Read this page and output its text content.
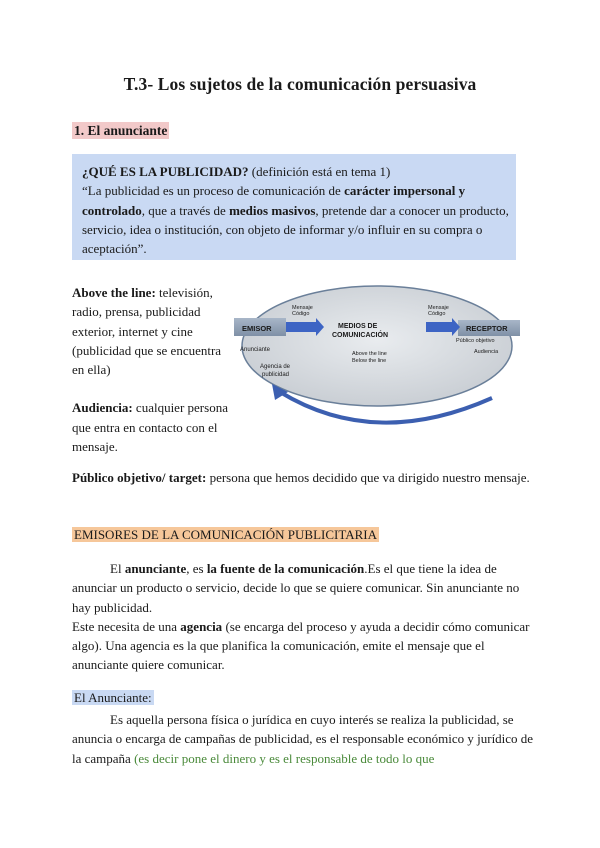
T.3- Los sujetos de la comunicación persuasiva
1. El anunciante

¿QUÉ ES LA PUBLICIDAD? (definición está en tema 1)

“La publicidad es un proceso de comunicación de carácter impersonal y controlado, que a través de medios masivos, pretende dar a conocer un producto, servicio, idea o institución, con objeto de informar y/o influir en su compra o aceptación”.

Above the line: televisión, radio, prensa, publicidad exterior, internet y cine (publicidad que se encuentra en ella)

Audiencia: cualquier persona que entra en contacto con el mensaje.

EMISOR	RECEPTOR
MEDIOS DE
COMUNICACIÓN
Mensaje
Código
Mensaje
Código
Anunciante
Agencia de
publicidad
Above the line
Below the line
Público objetivo
Audiencia

Público objetivo/ target: persona que hemos decidido que va dirigido nuestro mensaje.

EMISORES DE LA COMUNICACIÓN PUBLICITARIA

El anunciante, es la fuente de la comunicación.Es el que tiene la idea de anunciar un producto o servicio, decide lo que se quiere comunicar. Sin anunciante no hay publicidad.

Este necesita de una agencia (se encarga del proceso y ayuda a decidir cómo comunicar algo). Una agencia es la que planifica la comunicación, emite el mensaje que el anunciante quiere comunicar.

El Anunciante:

Es aquella persona física o jurídica en cuyo interés se realiza la publicidad, se anuncia o encarga de campañas de publicidad, es el responsable económico y jurídico de la campaña (es decir pone el dinero y es el responsable de todo lo que
